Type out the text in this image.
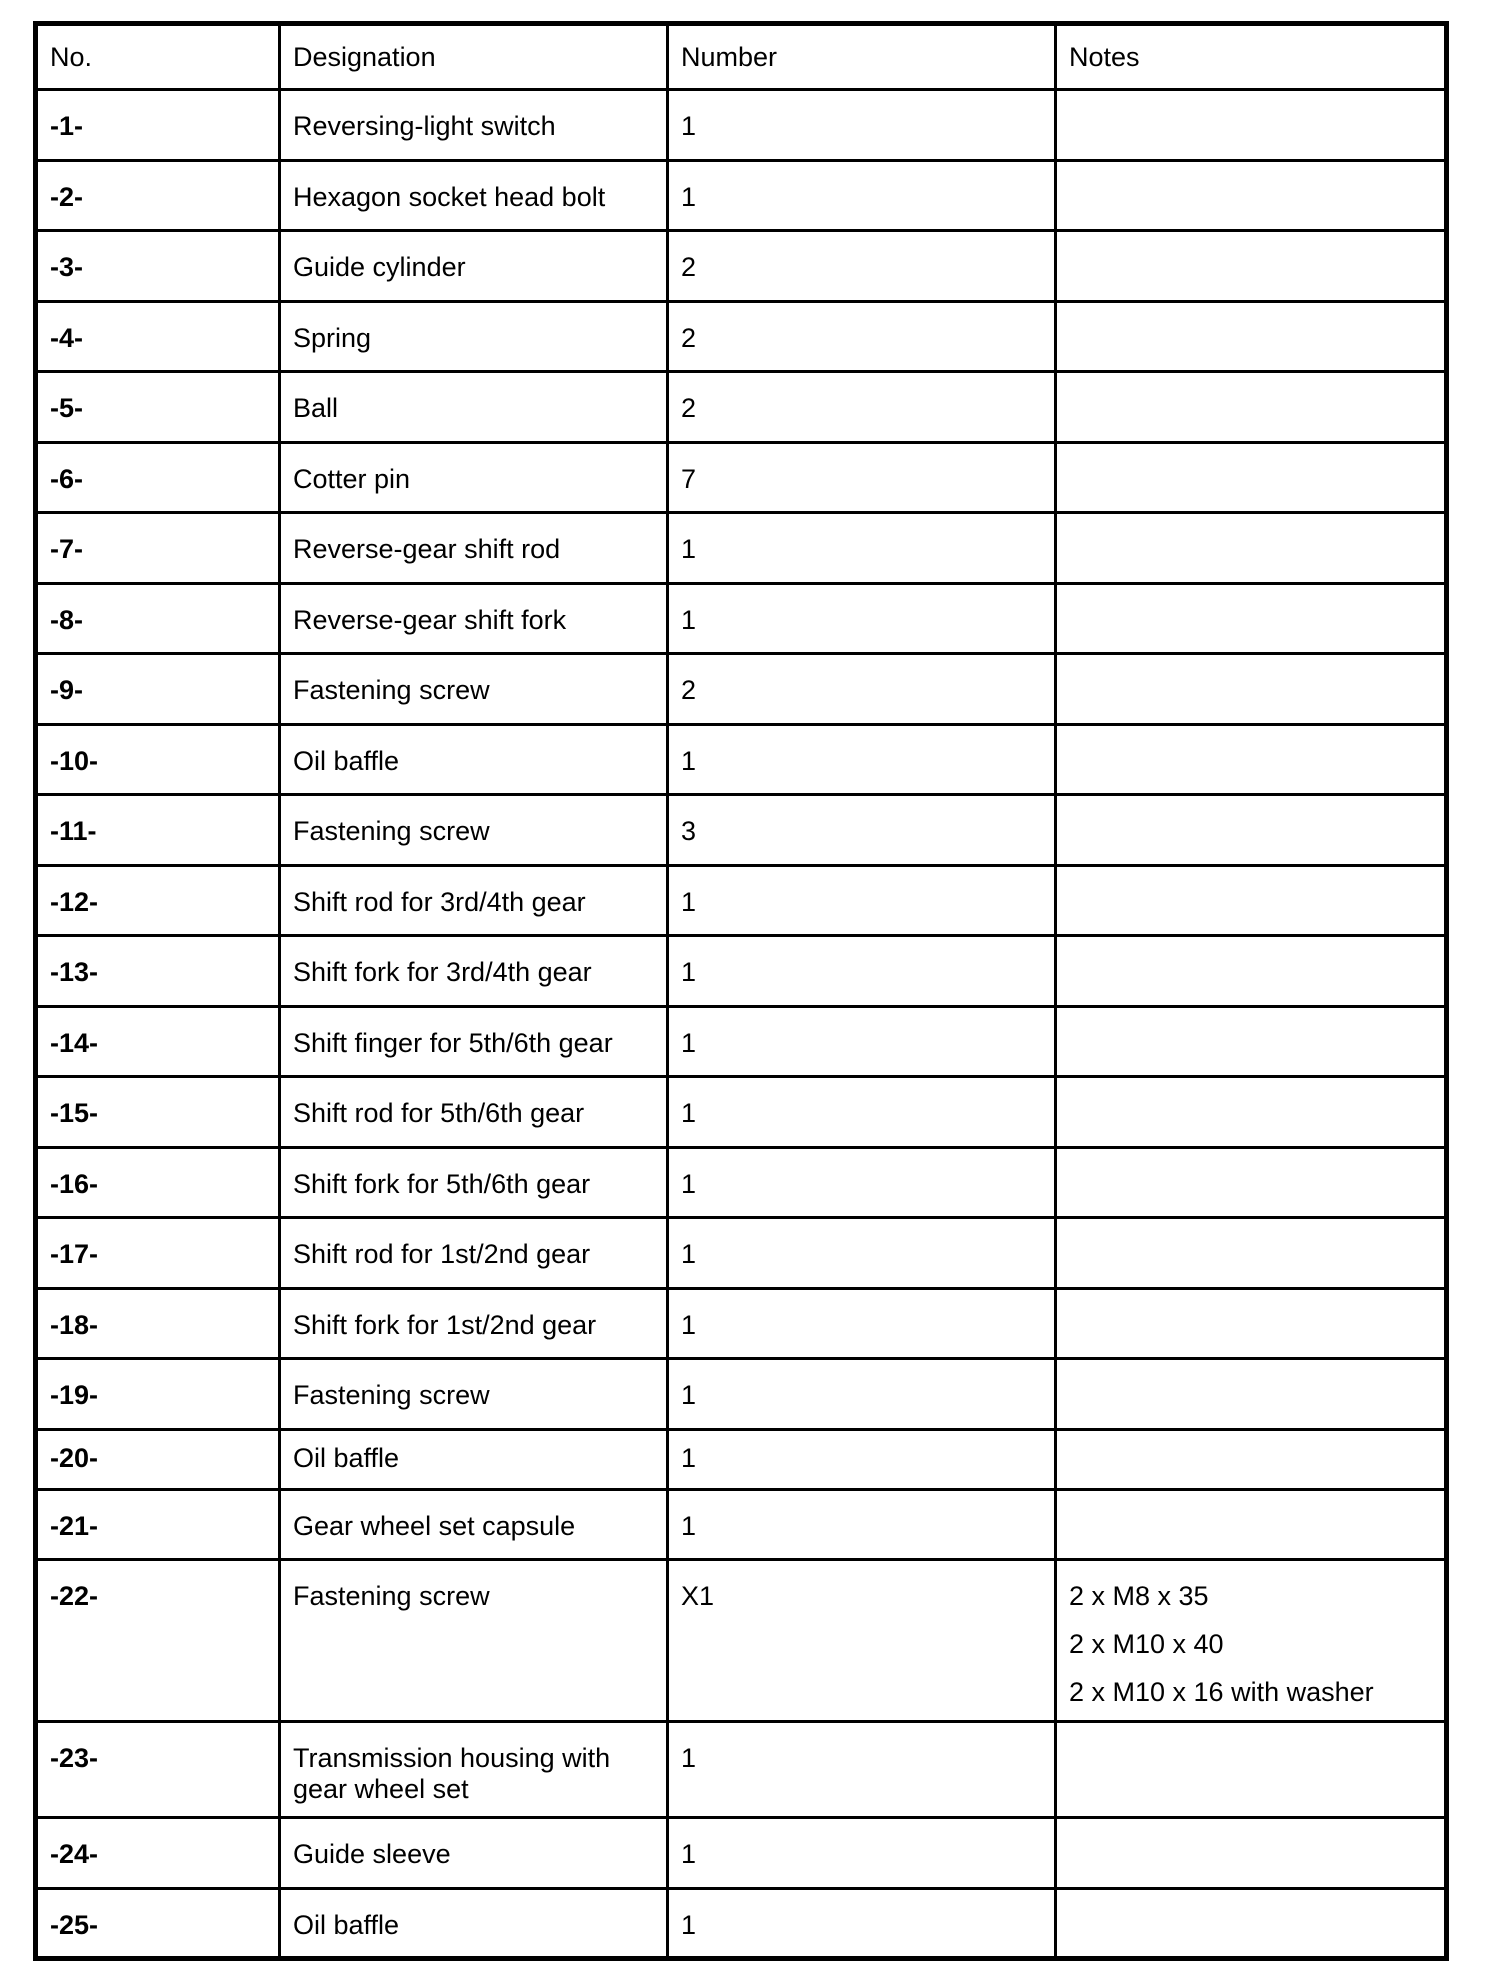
No.	Designation	Number	Notes
-1-	Reversing-light switch	1	
-2-	Hexagon socket head bolt	1	
-3-	Guide cylinder	2	
-4-	Spring	2	
-5-	Ball	2	
-6-	Cotter pin	7	
-7-	Reverse-gear shift rod	1	
-8-	Reverse-gear shift fork	1	
-9-	Fastening screw	2	
-10-	Oil baffle	1	
-11-	Fastening screw	3	
-12-	Shift rod for 3rd/4th gear	1	
-13-	Shift fork for 3rd/4th gear	1	
-14-	Shift finger for 5th/6th gear	1	
-15-	Shift rod for 5th/6th gear	1	
-16-	Shift fork for 5th/6th gear	1	
-17-	Shift rod for 1st/2nd gear	1	
-18-	Shift fork for 1st/2nd gear	1	
-19-	Fastening screw	1	
-20-	Oil baffle	1	
-21-	Gear wheel set capsule	1	
-22-	Fastening screw	X1	2 x M8 x 35
2 x M10 x 40
2 x M10 x 16 with washer

-23-	Transmission housing with gear wheel set	1	
-24-	Guide sleeve	1	
-25-	Oil baffle	1	
